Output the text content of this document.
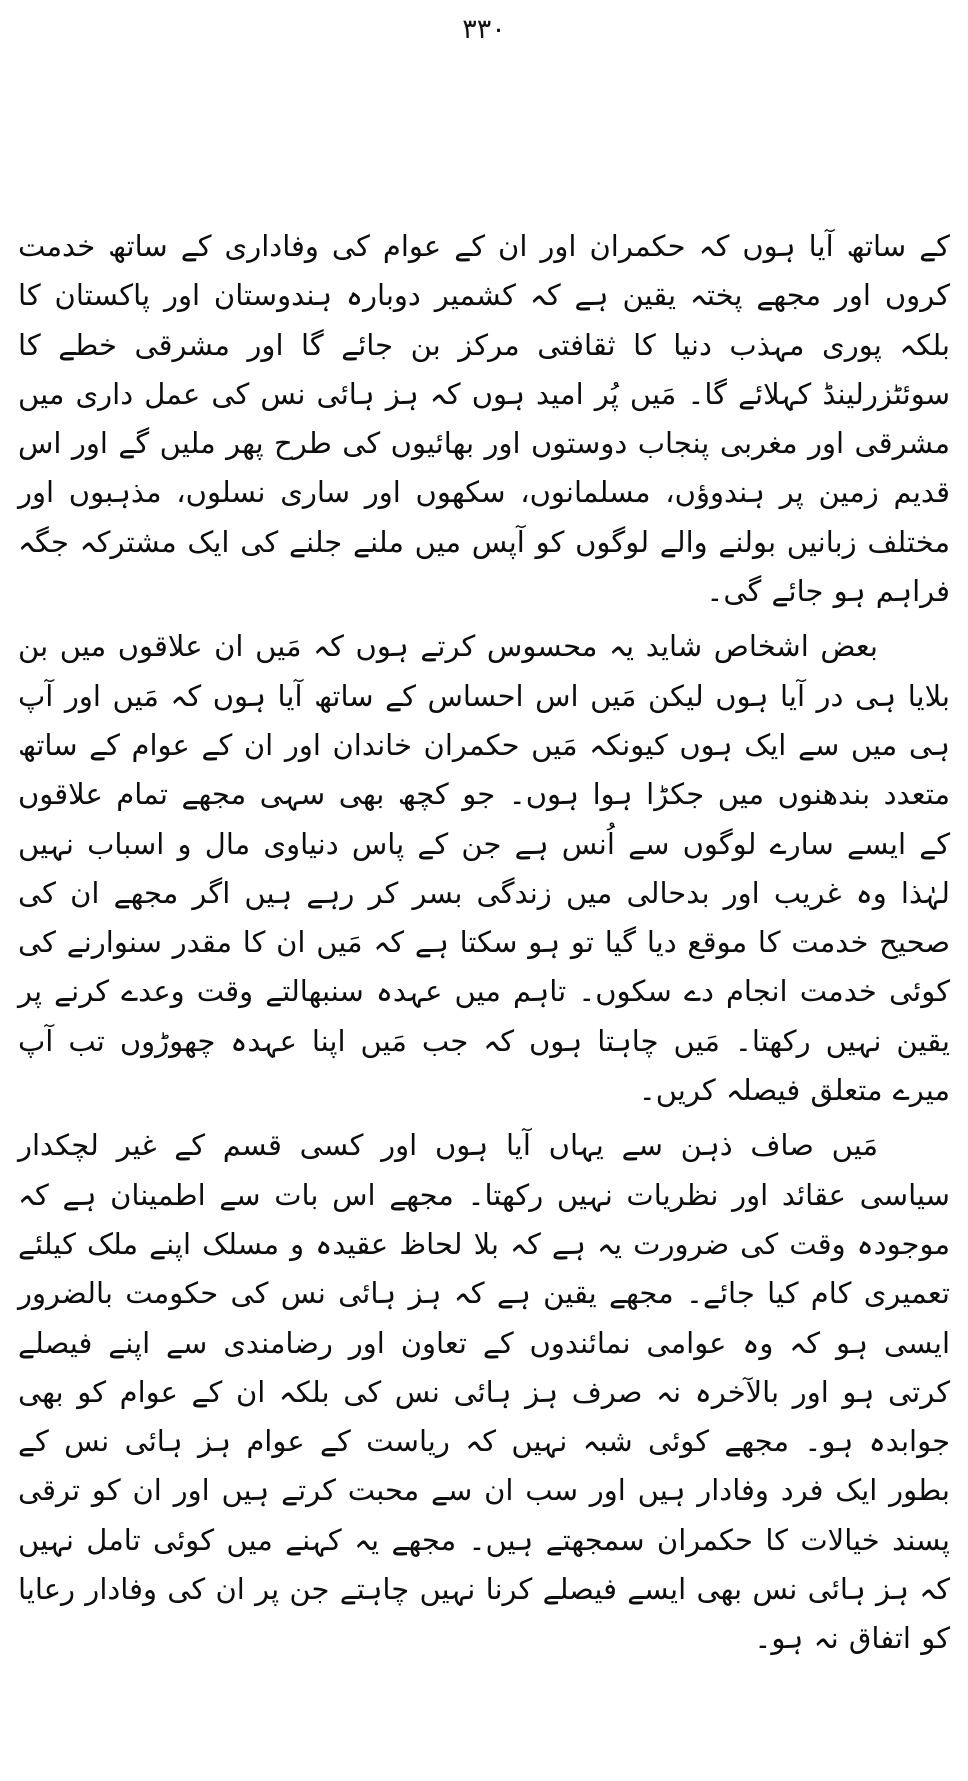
۳۳۰

کے ساتھ آیا ہوں کہ حکمران اور ان کے عوام کی وفاداری کے ساتھ خدمت کروں اور مجھے پختہ یقین ہے کہ کشمیر دوبارہ ہندوستان اور پاکستان کا بلکہ پوری مہذب دنیا کا ثقافتی مرکز بن جائے گا اور مشرقی خطے کا سوئٹزرلینڈ کہلائے گا۔ مَیں پُر امید ہوں کہ ہز ہائی نس کی عمل داری میں مشرقی اور مغربی پنجاب دوستوں اور بھائیوں کی طرح پھر ملیں گے اور اس قدیم زمین پر ہندوؤں، مسلمانوں، سکھوں اور ساری نسلوں، مذہبوں اور مختلف زبانیں بولنے والے لوگوں کو آپس میں ملنے جلنے کی ایک مشترکہ جگہ فراہم ہو جائے گی۔

بعض اشخاص شاید یہ محسوس کرتے ہوں کہ مَیں ان علاقوں میں بن بلایا ہی در آیا ہوں لیکن مَیں اس احساس کے ساتھ آیا ہوں کہ مَیں اور آپ ہی میں سے ایک ہوں کیونکہ مَیں حکمران خاندان اور ان کے عوام کے ساتھ متعدد بندھنوں میں جکڑا ہوا ہوں۔ جو کچھ بھی سہی مجھے تمام علاقوں کے ایسے سارے لوگوں سے اُنس ہے جن کے پاس دنیاوی مال و اسباب نہیں لہٰذا وہ غریب اور بدحالی میں زندگی بسر کر رہے ہیں اگر مجھے ان کی صحیح خدمت کا موقع دیا گیا تو ہو سکتا ہے کہ مَیں ان کا مقدر سنوارنے کی کوئی خدمت انجام دے سکوں۔ تاہم میں عہدہ سنبھالتے وقت وعدے کرنے پر یقین نہیں رکھتا۔ مَیں چاہتا ہوں کہ جب مَیں اپنا عہدہ چھوڑوں تب آپ میرے متعلق فیصلہ کریں۔

مَیں صاف ذہن سے یہاں آیا ہوں اور کسی قسم کے غیر لچکدار سیاسی عقائد اور نظریات نہیں رکھتا۔ مجھے اس بات سے اطمینان ہے کہ موجودہ وقت کی ضرورت یہ ہے کہ بلا لحاظ عقیدہ و مسلک اپنے ملک کیلئے تعمیری کام کیا جائے۔ مجھے یقین ہے کہ ہز ہائی نس کی حکومت بالضرور ایسی ہو کہ وہ عوامی نمائندوں کے تعاون اور رضامندی سے اپنے فیصلے کرتی ہو اور بالآخرہ نہ صرف ہز ہائی نس کی بلکہ ان کے عوام کو بھی جوابدہ ہو۔ مجھے کوئی شبہ نہیں کہ ریاست کے عوام ہز ہائی نس کے بطور ایک فرد وفادار ہیں اور سب ان سے محبت کرتے ہیں اور ان کو ترقی پسند خیالات کا حکمران سمجھتے ہیں۔ مجھے یہ کہنے میں کوئی تامل نہیں کہ ہز ہائی نس بھی ایسے فیصلے کرنا نہیں چاہتے جن پر ان کی وفادار رعایا کو اتفاق نہ ہو۔
